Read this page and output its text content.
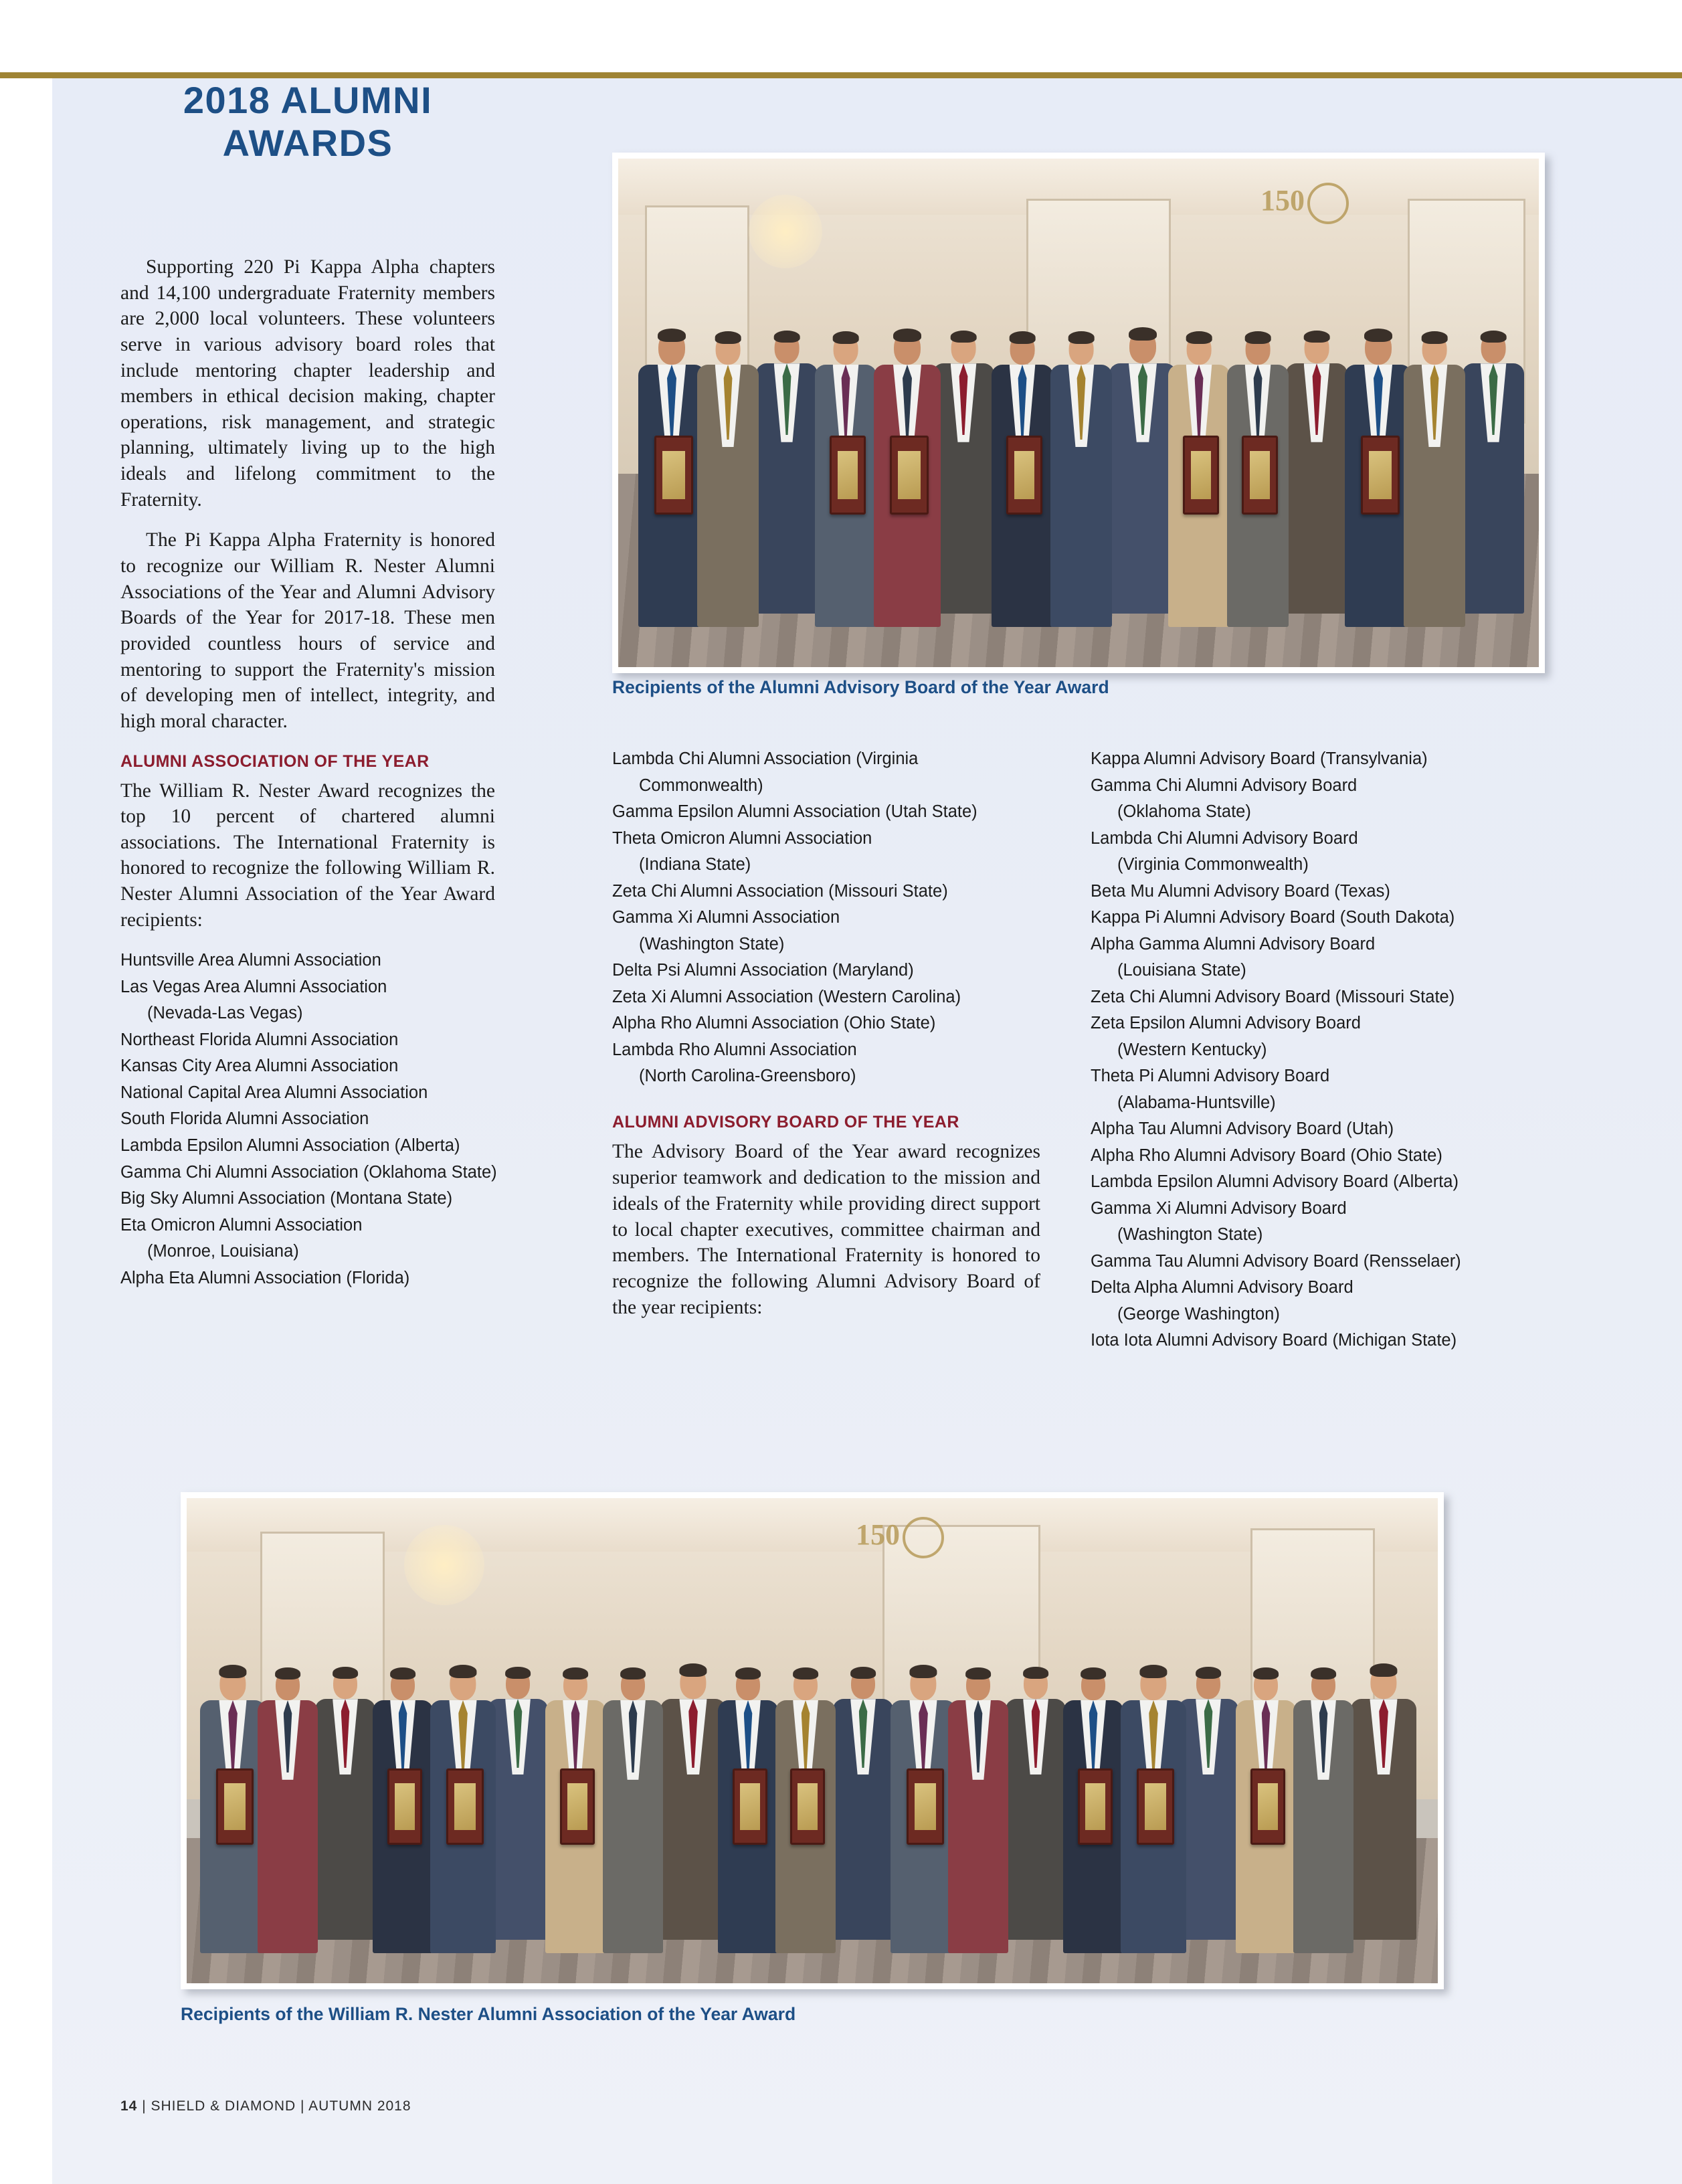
2018 ALUMNI
AWARDS

Supporting 220 Pi Kappa Alpha chapters and 14,100 undergraduate Fraternity members are 2,000 local volunteers. These volunteers serve in various advisory board roles that include mentoring chapter leadership and members in ethical decision making, chapter operations, risk management, and strategic planning, ultimately living up to the high ideals and lifelong commitment to the Fraternity.

The Pi Kappa Alpha Fraternity is honored to recognize our William R. Nester Alumni Associations of the Year and Alumni Advisory Boards of the Year for 2017-18. These men provided countless hours of service and mentoring to support the Fraternity's mission of developing men of intellect, integrity, and high moral character.

ALUMNI ASSOCIATION OF THE YEAR

The William R. Nester Award recognizes the top 10 percent of chartered alumni associations. The International Fraternity is honored to recognize the following William R. Nester Alumni Association of the Year Award recipients:

Huntsville Area Alumni Association
Las Vegas Area Alumni Association
(Nevada-Las Vegas)
Northeast Florida Alumni Association
Kansas City Area Alumni Association
National Capital Area Alumni Association
South Florida Alumni Association
Lambda Epsilon Alumni Association (Alberta)
Gamma Chi Alumni Association (Oklahoma State)
Big Sky Alumni Association (Montana State)
Eta Omicron Alumni Association
(Monroe, Louisiana)
Alpha Eta Alumni Association (Florida)
150
Recipients of the Alumni Advisory Board of the Year Award
Lambda Chi Alumni Association (Virginia
Commonwealth)
Gamma Epsilon Alumni Association (Utah State)
Theta Omicron Alumni Association
(Indiana State)
Zeta Chi Alumni Association (Missouri State)
Gamma Xi Alumni Association
(Washington State)
Delta Psi Alumni Association (Maryland)
Zeta Xi Alumni Association (Western Carolina)
Alpha Rho Alumni Association (Ohio State)
Lambda Rho Alumni Association
(North Carolina-Greensboro)
ALUMNI ADVISORY BOARD OF THE YEAR

The Advisory Board of the Year award recognizes superior teamwork and dedication to the mission and ideals of the Fraternity while providing direct support to local chapter executives, committee chairman and members. The International Fraternity is honored to recognize the following Alumni Advisory Board of the year recipients:

Kappa Alumni Advisory Board (Transylvania)
Gamma Chi Alumni Advisory Board
(Oklahoma State)
Lambda Chi Alumni Advisory Board
(Virginia Commonwealth)
Beta Mu Alumni Advisory Board (Texas)
Kappa Pi Alumni Advisory Board (South Dakota)
Alpha Gamma Alumni Advisory Board
(Louisiana State)
Zeta Chi Alumni Advisory Board (Missouri State)
Zeta Epsilon Alumni Advisory Board
(Western Kentucky)
Theta Pi Alumni Advisory Board
(Alabama-Huntsville)
Alpha Tau Alumni Advisory Board (Utah)
Alpha Rho Alumni Advisory Board (Ohio State)
Lambda Epsilon Alumni Advisory Board (Alberta)
Gamma Xi Alumni Advisory Board
(Washington State)
Gamma Tau Alumni Advisory Board (Rensselaer)
Delta Alpha Alumni Advisory Board
(George Washington)
Iota Iota Alumni Advisory Board (Michigan State)
150
Recipients of the William R. Nester Alumni Association of the Year Award
14 | SHIELD & DIAMOND | AUTUMN 2018
